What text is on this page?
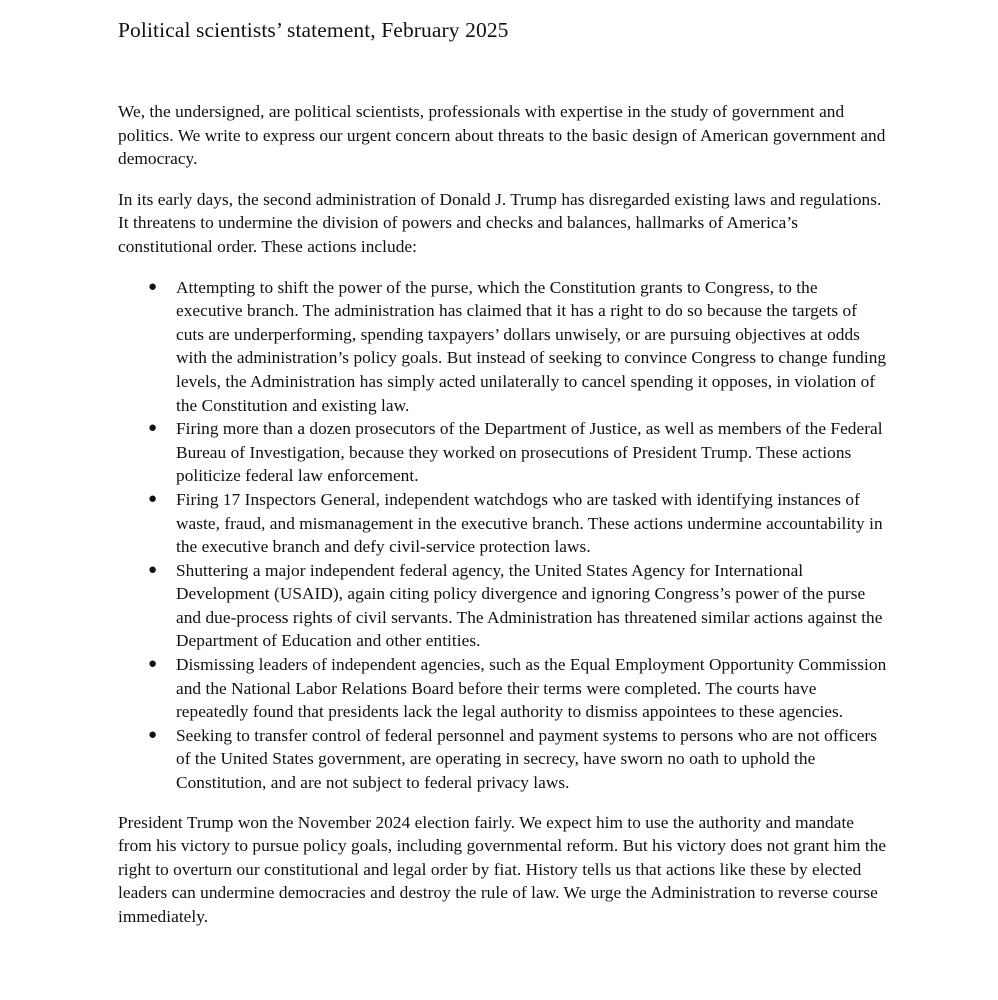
Political scientists’ statement, February 2025

We, the undersigned, are political scientists, professionals with expertise in the study of government and politics. We write to express our urgent concern about threats to the basic design of American government and democracy.

In its early days, the second administration of Donald J. Trump has disregarded existing laws and regulations. It threatens to undermine the division of powers and checks and balances, hallmarks of America’s constitutional order. These actions include:

● Attempting to shift the power of the purse, which the Constitution grants to Congress, to the executive branch. The administration has claimed that it has a right to do so because the targets of cuts are underperforming, spending taxpayers’ dollars unwisely, or are pursuing objectives at odds with the administration’s policy goals. But instead of seeking to convince Congress to change funding levels, the Administration has simply acted unilaterally to cancel spending it opposes, in violation of the Constitution and existing law.
● Firing more than a dozen prosecutors of the Department of Justice, as well as members of the Federal Bureau of Investigation, because they worked on prosecutions of President Trump. These actions politicize federal law enforcement.
● Firing 17 Inspectors General, independent watchdogs who are tasked with identifying instances of waste, fraud, and mismanagement in the executive branch. These actions undermine accountability in the executive branch and defy civil-service protection laws.
● Shuttering a major independent federal agency, the United States Agency for International Development (USAID), again citing policy divergence and ignoring Congress’s power of the purse and due-process rights of civil servants. The Administration has threatened similar actions against the Department of Education and other entities.
● Dismissing leaders of independent agencies, such as the Equal Employment Opportunity Commission and the National Labor Relations Board before their terms were completed. The courts have repeatedly found that presidents lack the legal authority to dismiss appointees to these agencies.
● Seeking to transfer control of federal personnel and payment systems to persons who are not officers of the United States government, are operating in secrecy, have sworn no oath to uphold the Constitution, and are not subject to federal privacy laws.

President Trump won the November 2024 election fairly. We expect him to use the authority and mandate from his victory to pursue policy goals, including governmental reform. But his victory does not grant him the right to overturn our constitutional and legal order by fiat. History tells us that actions like these by elected leaders can undermine democracies and destroy the rule of law. We urge the Administration to reverse course immediately.
